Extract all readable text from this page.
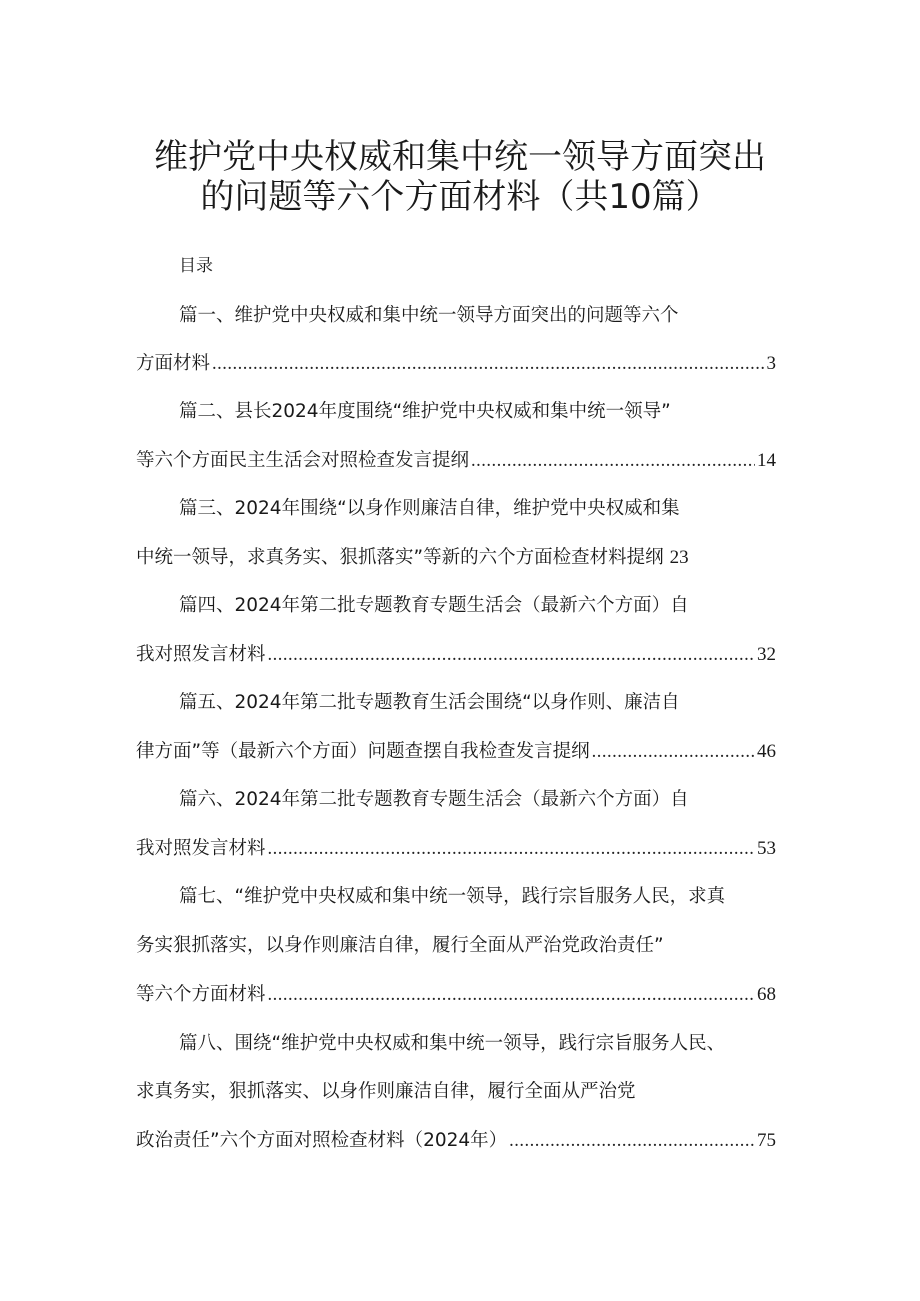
维护党中央权威和集中统一领导方面突出
的问题等六个方面材料（共10篇）
目录
篇一、维护党中央权威和集中统一领导方面突出的问题等六个
方面材料 .....	3
篇二、县长2024年度围绕“维护党中央权威和集中统一领导”
等六个方面民主生活会对照检查发言提纲 .....	14
篇三、2024年围绕“以身作则廉洁自律，维护党中央权威和集
中统一领导，求真务实、狠抓落实”等新的六个方面检查材料提纲 23
篇四、2024年第二批专题教育专题生活会（最新六个方面）自
我对照发言材料 .....	32
篇五、2024年第二批专题教育生活会围绕“以身作则、廉洁自
律方面”等（最新六个方面）问题查摆自我检查发言提纲 .....	46
篇六、2024年第二批专题教育专题生活会（最新六个方面）自
我对照发言材料 .....	53
篇七、“维护党中央权威和集中统一领导，践行宗旨服务人民，求真
务实狠抓落实，以身作则廉洁自律，履行全面从严治党政治责任”
等六个方面材料 .....	68
篇八、围绕“维护党中央权威和集中统一领导，践行宗旨服务人民、
求真务实，狠抓落实、以身作则廉洁自律，履行全面从严治党
政治责任”六个方面对照检查材料（2024年） .....	75
